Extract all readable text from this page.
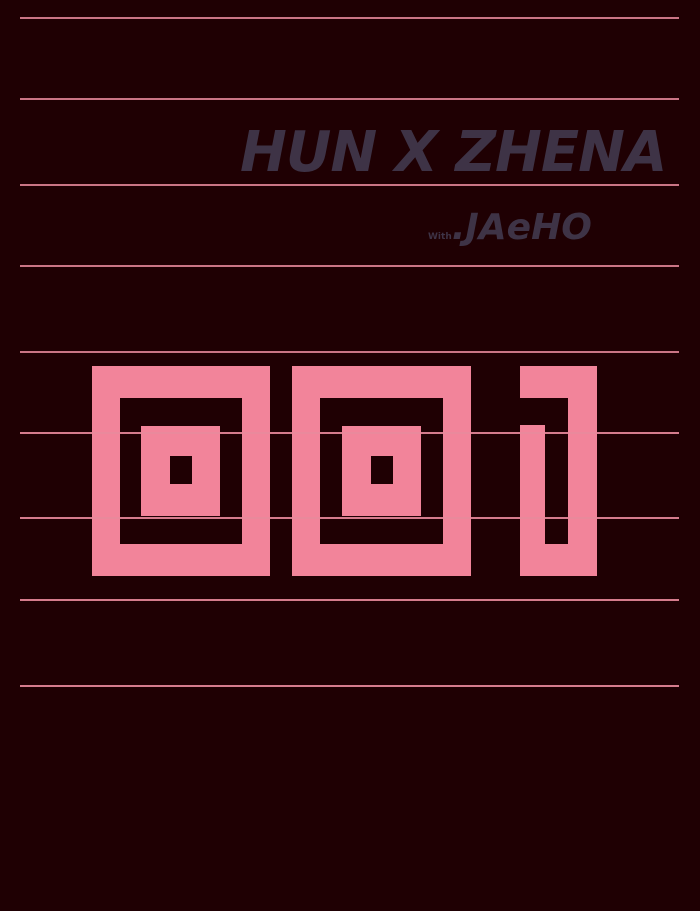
HUN X ZHENA
With.JAeHO
